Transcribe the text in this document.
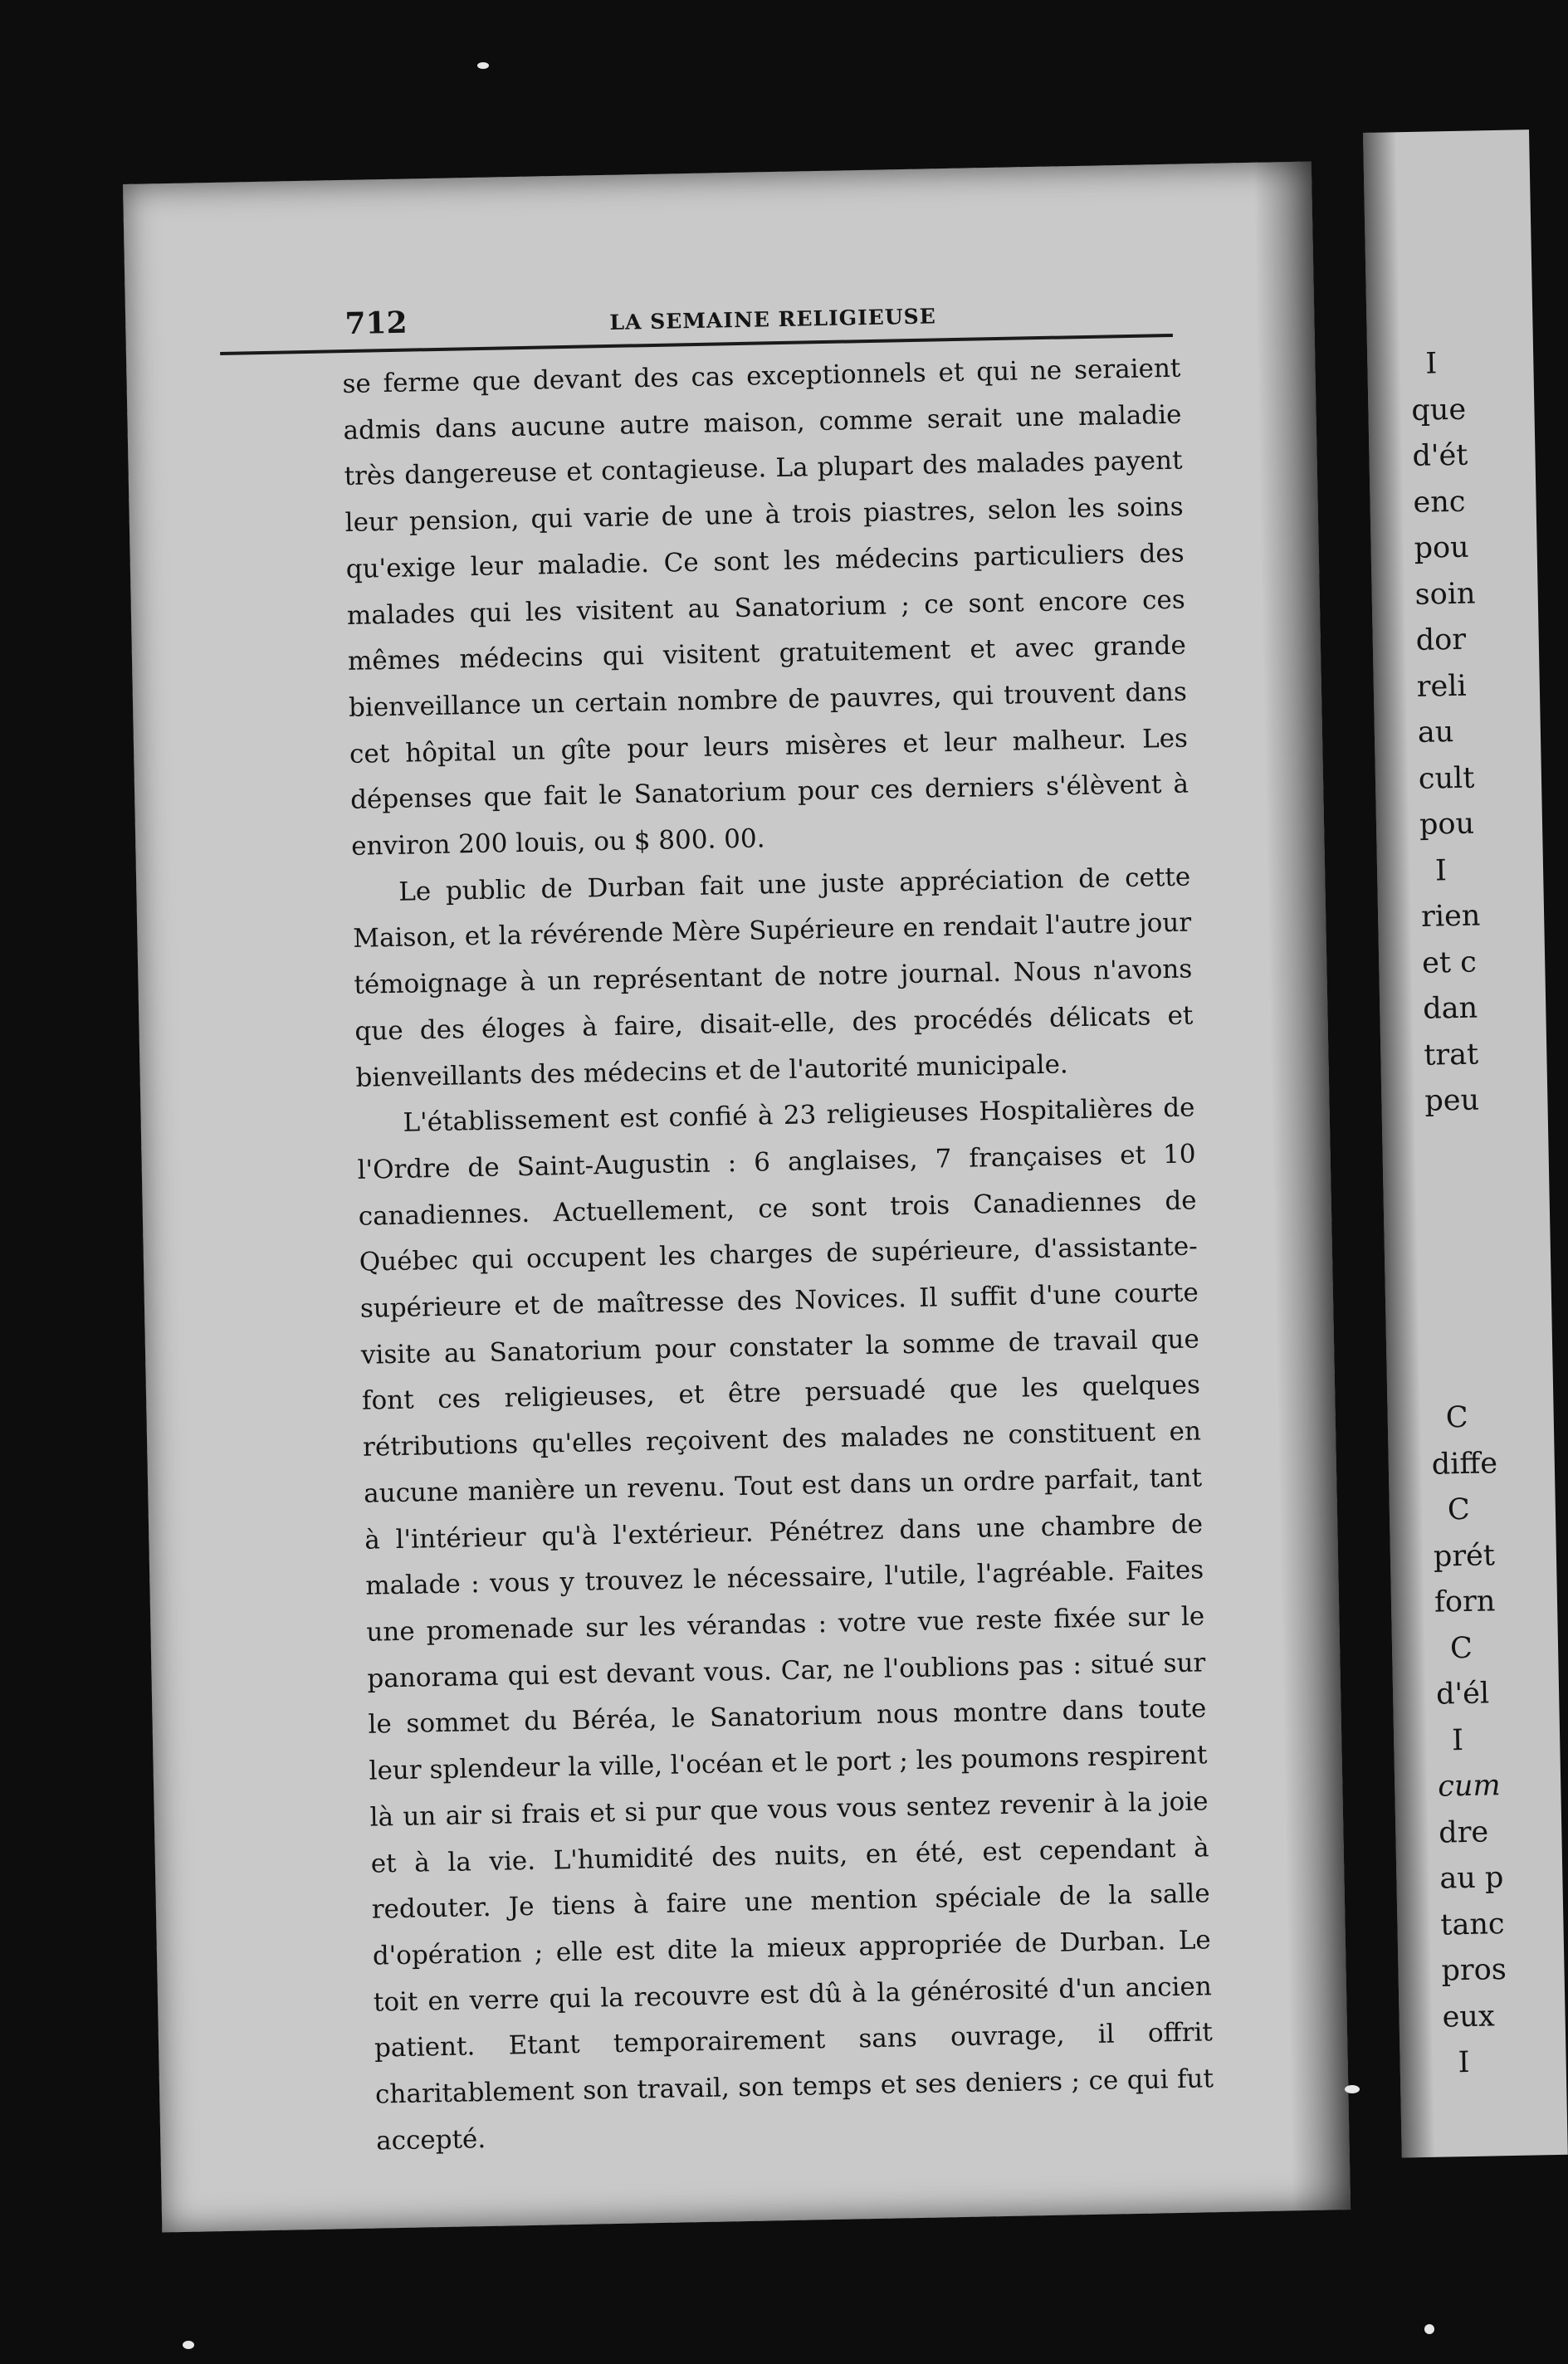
I
que
d'ét
enc
pou
soin
dor
reli
au
cult
pou
I
rien
et c
dan
trat
peu
C
diffe
C
prét
forn
C
d'él
I
cum
dre
au p
tanc
pros
eux
I
712	LA SEMAINE RELIGIEUSE

se ferme que devant des cas exceptionnels et qui ne seraient admis dans aucune autre maison, comme serait une maladie très dangereuse et contagieuse. La plupart des malades payent leur pension, qui varie de une à trois piastres, selon les soins qu'exige leur maladie. Ce sont les médecins particuliers des malades qui les visitent au Sanatorium ; ce sont encore ces mêmes médecins qui visitent gratuitement et avec grande bienveillance un certain nombre de pauvres, qui trouvent dans cet hôpital un gîte pour leurs misères et leur malheur. Les dépenses que fait le Sanatorium pour ces derniers s'élèvent à environ 200 louis, ou $ 800. 00.

Le public de Durban fait une juste appréciation de cette Maison, et la révérende Mère Supérieure en rendait l'autre jour témoignage à un représentant de notre journal. Nous n'avons que des éloges à faire, disait-elle, des procédés délicats et bienveillants des médecins et de l'autorité municipale.

L'établissement est confié à 23 religieuses Hospitalières de l'Ordre de Saint-Augustin : 6 anglaises, 7 françaises et 10 canadiennes. Actuellement, ce sont trois Canadiennes de Québec qui occupent les charges de supérieure, d'assistante-supérieure et de maîtresse des Novices. Il suffit d'une courte visite au Sanatorium pour constater la somme de travail que font ces religieuses, et être persuadé que les quelques rétributions qu'elles reçoivent des malades ne constituent en aucune manière un revenu. Tout est dans un ordre parfait, tant à l'intérieur qu'à l'extérieur. Pénétrez dans une chambre de malade : vous y trouvez le nécessaire, l'utile, l'agréable. Faites une promenade sur les vérandas : votre vue reste fixée sur le panorama qui est devant vous. Car, ne l'oublions pas : situé sur le sommet du Béréa, le Sanatorium nous montre dans toute leur splendeur la ville, l'océan et le port ; les poumons respirent là un air si frais et si pur que vous vous sentez revenir à la joie et à la vie. L'humidité des nuits, en été, est cependant à redouter. Je tiens à faire une mention spéciale de la salle d'opération ; elle est dite la mieux appropriée de Durban. Le toit en verre qui la recouvre est dû à la générosité d'un ancien patient. Etant temporairement sans ouvrage, il offrit charitablement son travail, son temps et ses deniers ; ce qui fut accepté.
